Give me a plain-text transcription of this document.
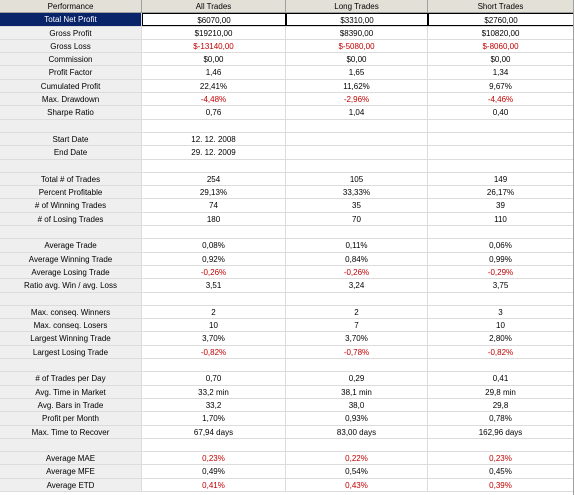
Performance	All Trades	Long Trades	Short Trades
Total Net Profit	$6070,00	$3310,00	$2760,00
Gross Profit	$19210,00	$8390,00	$10820,00
Gross Loss	$-13140,00	$-5080,00	$-8060,00
Commission	$0,00	$0,00	$0,00
Profit Factor	1,46	1,65	1,34
Cumulated Profit	22,41%	11,62%	9,67%
Max. Drawdown	-4,48%	-2,96%	-4,46%
Sharpe Ratio	0,76	1,04	0,40
Start Date	12. 12. 2008
End Date	29. 12. 2009
Total # of Trades	254	105	149
Percent Profitable	29,13%	33,33%	26,17%
# of Winning Trades	74	35	39
# of Losing Trades	180	70	110
Average Trade	0,08%	0,11%	0,06%
Average Winning Trade	0,92%	0,84%	0,99%
Average Losing Trade	-0,26%	-0,26%	-0,29%
Ratio avg. Win / avg. Loss	3,51	3,24	3,75
Max. conseq. Winners	2	2	3
Max. conseq. Losers	10	7	10
Largest Winning Trade	3,70%	3,70%	2,80%
Largest Losing Trade	-0,82%	-0,78%	-0,82%
# of Trades per Day	0,70	0,29	0,41
Avg. Time in Market	33,2 min	38,1 min	29,8 min
Avg. Bars in Trade	33,2	38,0	29,8
Profit per Month	1,70%	0,93%	0,78%
Max. Time to Recover	67,94 days	83,00 days	162,96 days
Average MAE	0,23%	0,22%	0,23%
Average MFE	0,49%	0,54%	0,45%
Average ETD	0,41%	0,43%	0,39%
